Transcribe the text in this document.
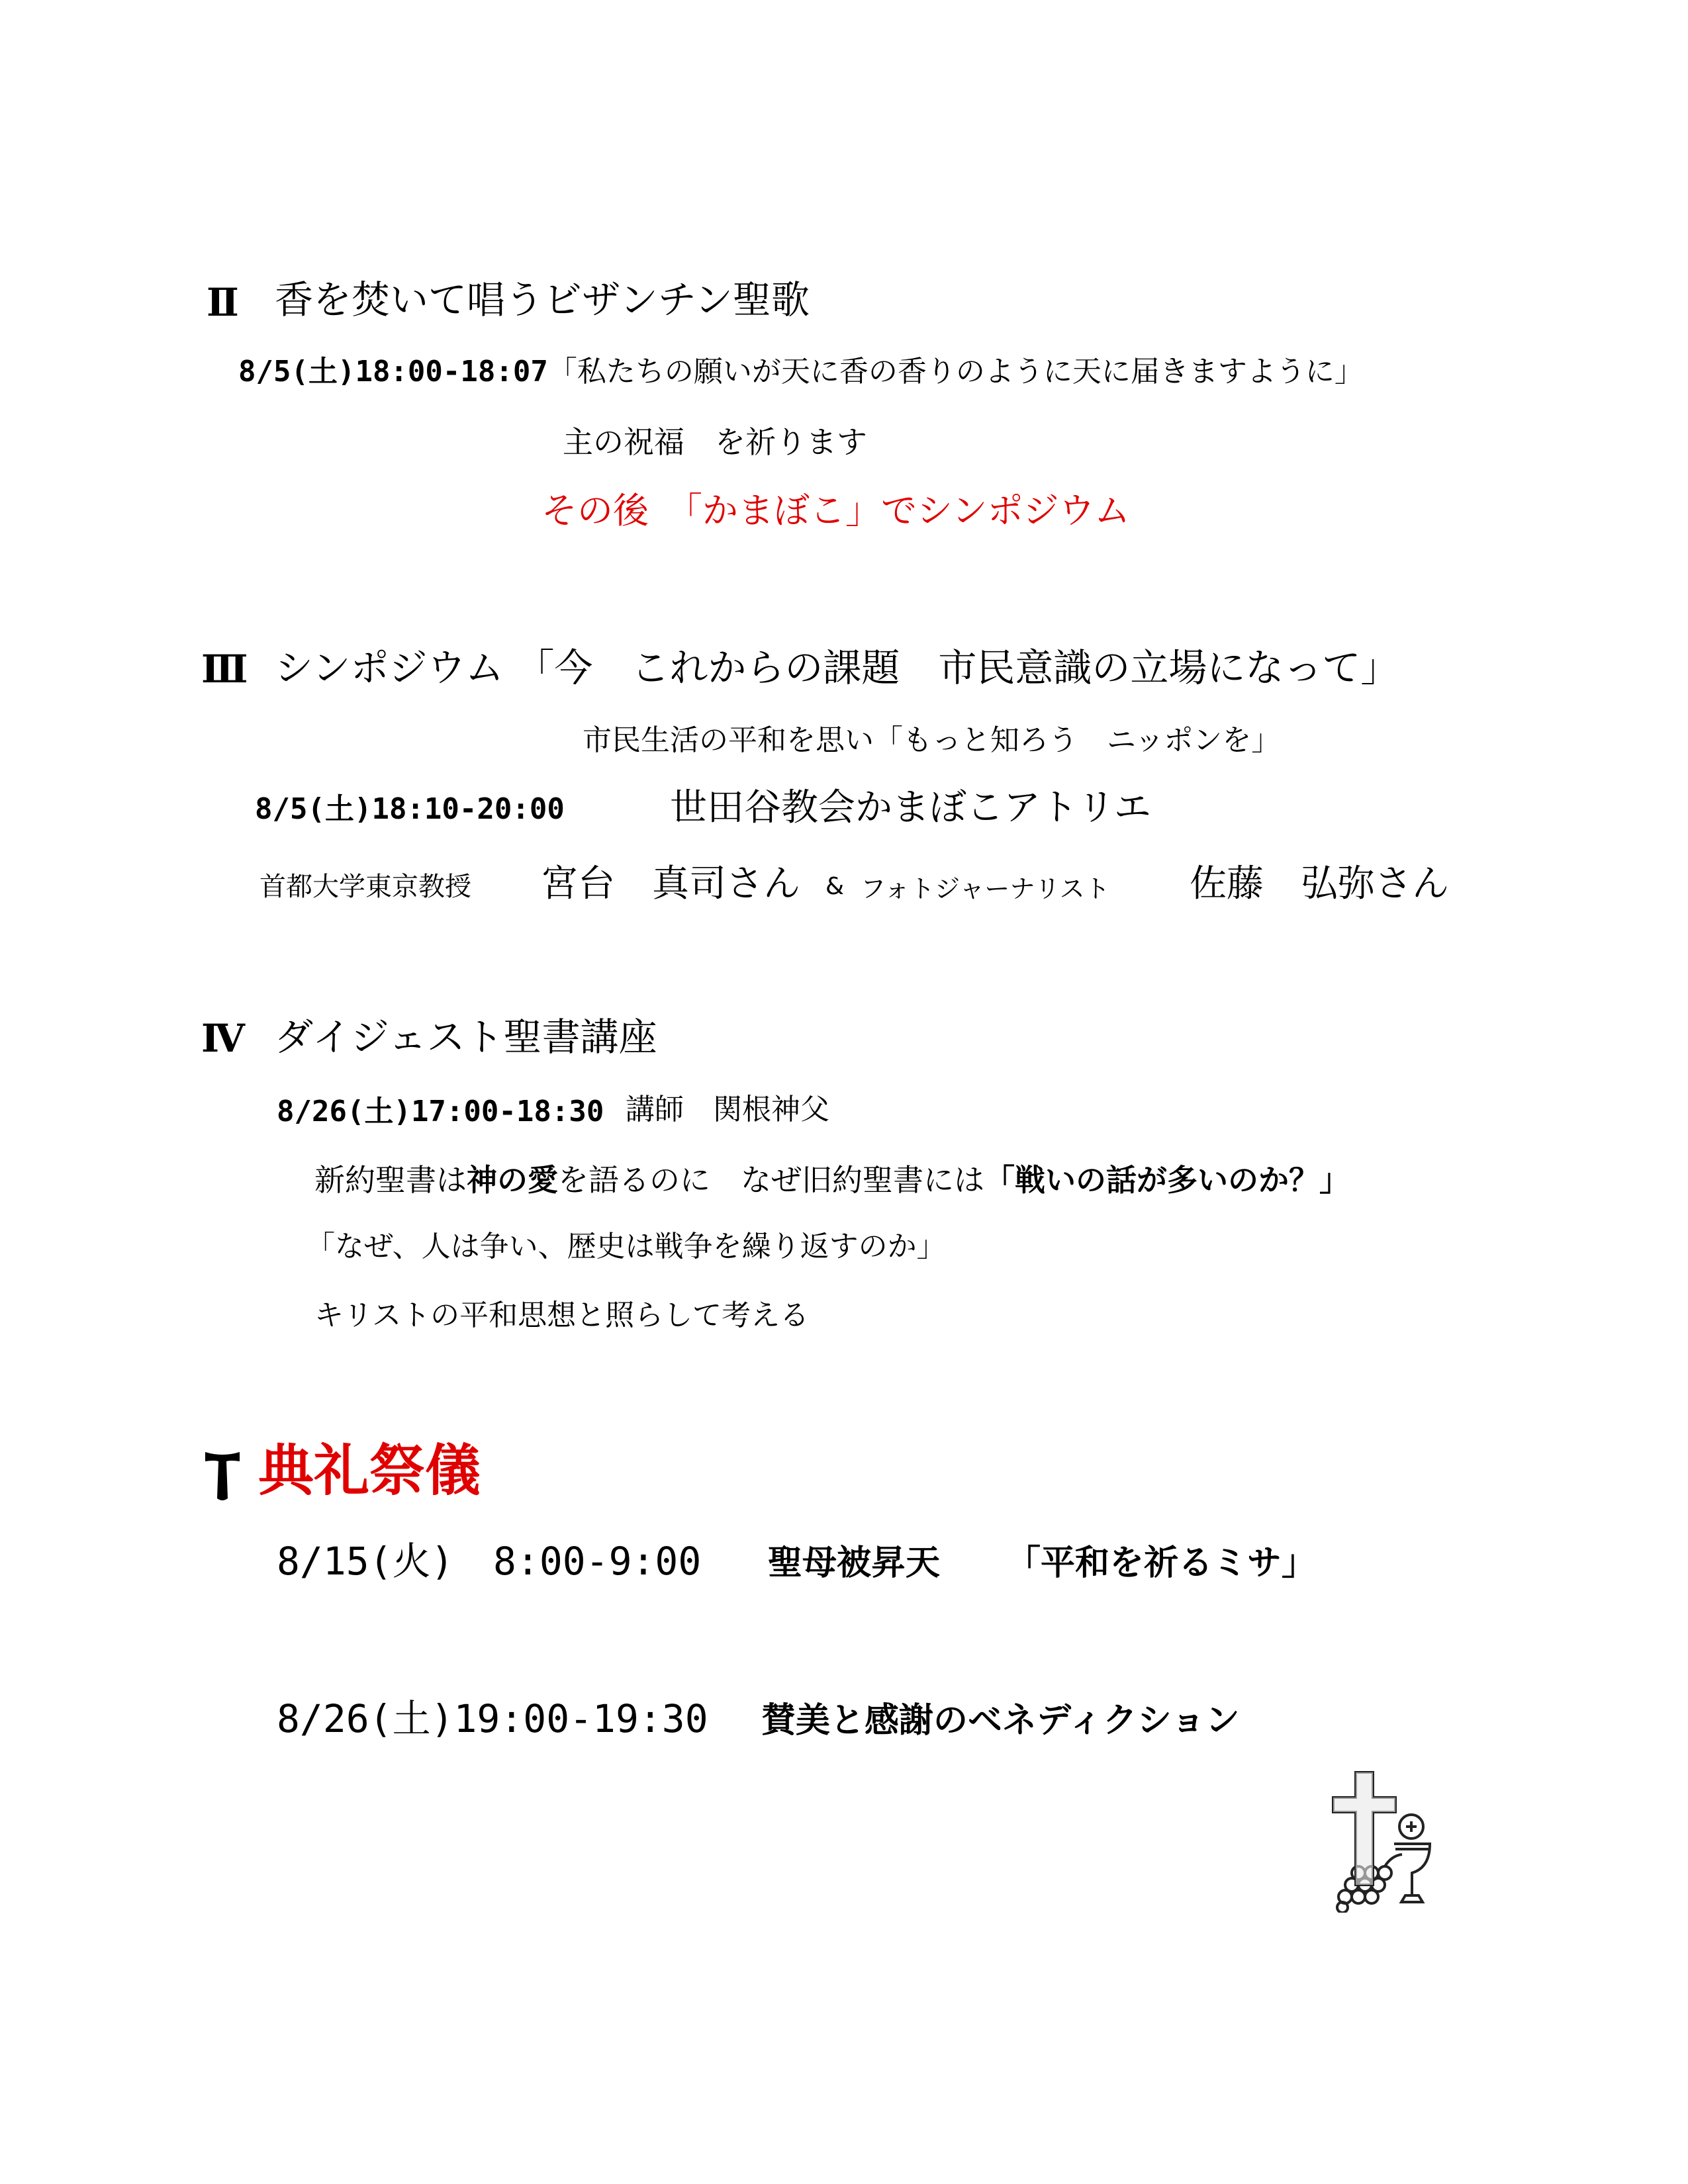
Ⅱ 香を焚いて唱うビザンチン聖歌
8/5(土)18:00-18:07「私たちの願いが天に香の香りのように天に届きますように」
主の祝福　を祈ります
その後　「かまぼこ」でシンポジウム
Ⅲ シンポジウム 「今　これからの課題　市民意識の立場になって」
市民生活の平和を思い「もっと知ろう　ニッポンを」
8/5(土)18:10-20:00	世田谷教会かまぼこアトリエ
首都大学東京教授 宮台　真司さん & フォトジャーナリスト 佐藤　弘弥さん
Ⅳ ダイジェスト聖書講座
8/26(土)17:00-18:30 講師　関根神父
新約聖書は神の愛を語るのに　なぜ旧約聖書には「戦いの話が多いのか？」
「なぜ、人は争い、歴史は戦争を繰り返すのか」
キリストの平和思想と照らして考える
典礼祭儀
8/15(火) 8:00-9:00 聖母被昇天 「平和を祈るミサ」
8/26(土)19:00-19:30 賛美と感謝のベネディクション
